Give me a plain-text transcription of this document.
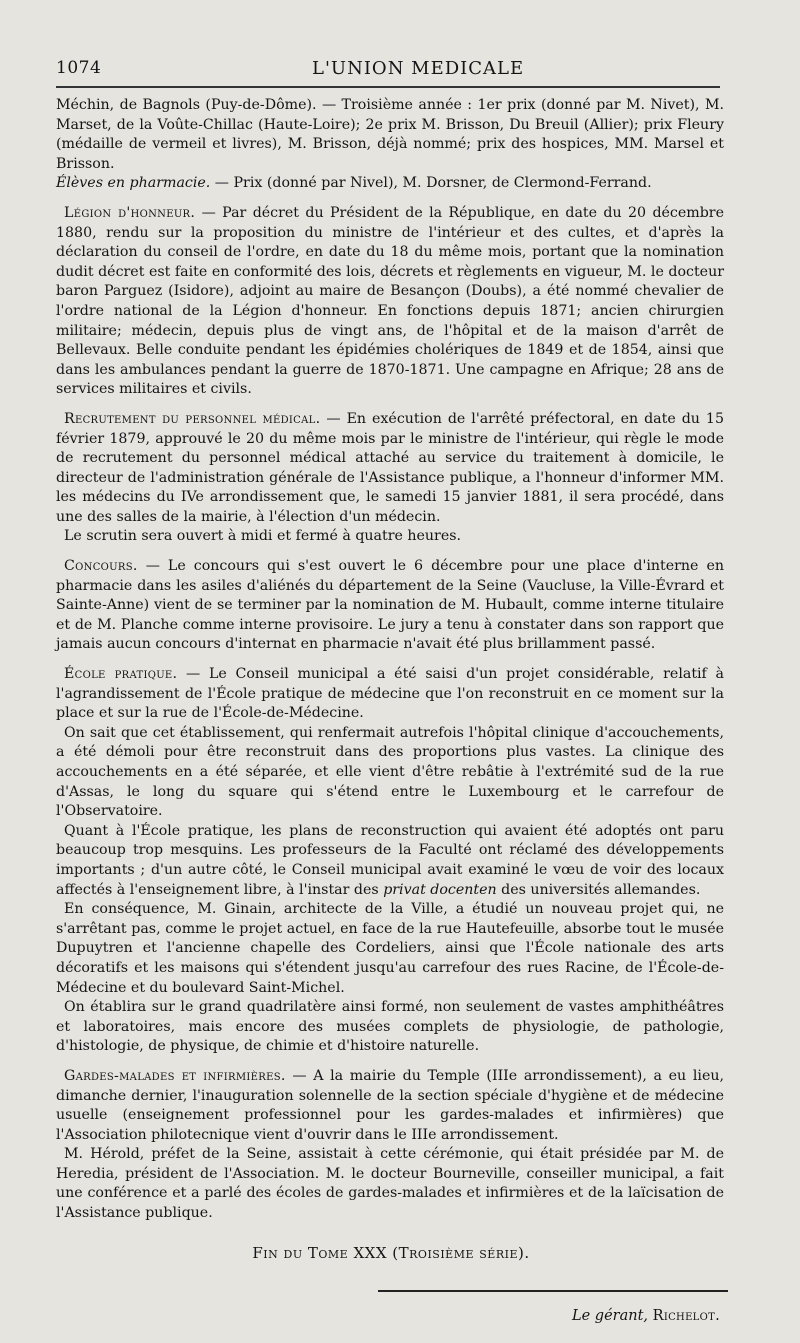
1074	L'UNION MEDICALE

Méchin, de Bagnols (Puy-de-Dôme). — Troisième année : 1er prix (donné par M. Nivet), M. Marset, de la Voûte-Chillac (Haute-Loire); 2e prix M. Brisson, Du Breuil (Allier); prix Fleury (médaille de vermeil et livres), M. Brisson, déjà nommé; prix des hospices, MM. Marsel et Brisson.

Élèves en pharmacie. — Prix (donné par Nivel), M. Dorsner, de Clermond-Ferrand.

Légion d'honneur. — Par décret du Président de la République, en date du 20 décembre 1880, rendu sur la proposition du ministre de l'intérieur et des cultes, et d'après la déclaration du conseil de l'ordre, en date du 18 du même mois, portant que la nomination dudit décret est faite en conformité des lois, décrets et règlements en vigueur, M. le docteur baron Parguez (Isidore), adjoint au maire de Besançon (Doubs), a été nommé chevalier de l'ordre national de la Légion d'honneur. En fonctions depuis 1871; ancien chirurgien militaire; médecin, depuis plus de vingt ans, de l'hôpital et de la maison d'arrêt de Bellevaux. Belle conduite pendant les épidémies cholériques de 1849 et de 1854, ainsi que dans les ambulances pendant la guerre de 1870-1871. Une campagne en Afrique; 28 ans de services militaires et civils.

Recrutement du personnel médical. — En exécution de l'arrêté préfectoral, en date du 15 février 1879, approuvé le 20 du même mois par le ministre de l'intérieur, qui règle le mode de recrutement du personnel médical attaché au service du traitement à domicile, le directeur de l'administration générale de l'Assistance publique, a l'honneur d'informer MM. les médecins du IVe arrondissement que, le samedi 15 janvier 1881, il sera procédé, dans une des salles de la mairie, à l'élection d'un médecin.

Le scrutin sera ouvert à midi et fermé à quatre heures.

Concours. — Le concours qui s'est ouvert le 6 décembre pour une place d'interne en pharmacie dans les asiles d'aliénés du département de la Seine (Vaucluse, la Ville-Évrard et Sainte-Anne) vient de se terminer par la nomination de M. Hubault, comme interne titulaire et de M. Planche comme interne provisoire. Le jury a tenu à constater dans son rapport que jamais aucun concours d'internat en pharmacie n'avait été plus brillamment passé.

École pratique. — Le Conseil municipal a été saisi d'un projet considérable, relatif à l'agrandissement de l'École pratique de médecine que l'on reconstruit en ce moment sur la place et sur la rue de l'École-de-Médecine.

On sait que cet établissement, qui renfermait autrefois l'hôpital clinique d'accouchements, a été démoli pour être reconstruit dans des proportions plus vastes. La clinique des accouchements en a été séparée, et elle vient d'être rebâtie à l'extrémité sud de la rue d'Assas, le long du square qui s'étend entre le Luxembourg et le carrefour de l'Observatoire.

Quant à l'École pratique, les plans de reconstruction qui avaient été adoptés ont paru beaucoup trop mesquins. Les professeurs de la Faculté ont réclamé des développements importants ; d'un autre côté, le Conseil municipal avait examiné le vœu de voir des locaux affectés à l'enseignement libre, à l'instar des privat docenten des universités allemandes.

En conséquence, M. Ginain, architecte de la Ville, a étudié un nouveau projet qui, ne s'arrêtant pas, comme le projet actuel, en face de la rue Hautefeuille, absorbe tout le musée Dupuytren et l'ancienne chapelle des Cordeliers, ainsi que l'École nationale des arts décoratifs et les maisons qui s'étendent jusqu'au carrefour des rues Racine, de l'École-de-Médecine et du boulevard Saint-Michel.

On établira sur le grand quadrilatère ainsi formé, non seulement de vastes amphithéâtres et laboratoires, mais encore des musées complets de physiologie, de pathologie, d'histologie, de physique, de chimie et d'histoire naturelle.

Gardes-malades et infirmières. — A la mairie du Temple (IIIe arrondissement), a eu lieu, dimanche dernier, l'inauguration solennelle de la section spéciale d'hygiène et de médecine usuelle (enseignement professionnel pour les gardes-malades et infirmières) que l'Association philotecnique vient d'ouvrir dans le IIIe arrondissement.

M. Hérold, préfet de la Seine, assistait à cette cérémonie, qui était présidée par M. de Heredia, président de l'Association. M. le docteur Bourneville, conseiller municipal, a fait une conférence et a parlé des écoles de gardes-malades et infirmières et de la laïcisation de l'Assistance publique.

Fin du Tome XXX (Troisième série).
Le gérant, Richelot.
